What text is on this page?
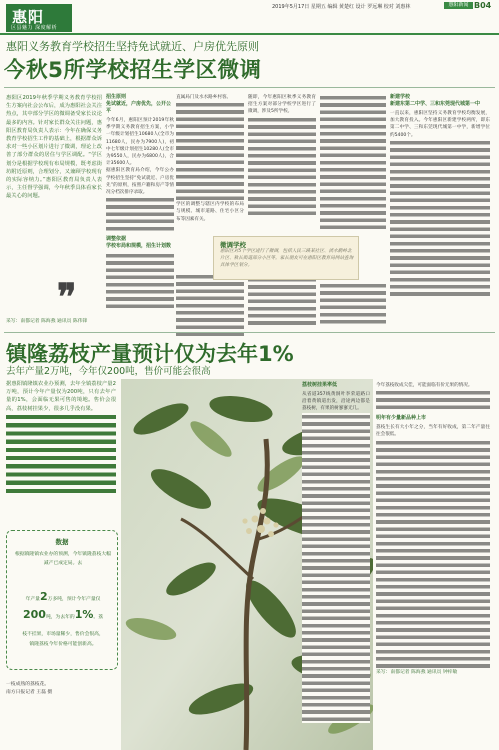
惠阳
区县魅力 深度解析
2019年5月17日 星期五 编辑 黄楚红 设计 罗远琳 校对 刘惠林	惠阳新闻 B04
惠阳义务教育学校招生坚持免试就近、户房优先原则
今秋5所学校招生学区微调

惠阳区2019年秋季学期义务教育学校招生方案向社会公布后，成为惠阳社会关注热点，其中部分学区的微调备受家长议论最多的内容。针对家长群众关注问题，惠阳区教育局负责人表示：今年在确保义务教育学校招生工作的基础上，根据群众诉求对一些小区划片进行了微调，理论上改善了部分群众的居住与学区调配。“学区划分是根据学校现有布局规模，既考虑街坊附近原则，合理划分，又兼顾学校现有的实际容纳力。”惠阳区教育局负责人表示，主任督学强调，今年秋季具体看家长最关心的问题。

❞
采写：南都记者 陈海燕 通讯员 陈伟锋
招生原则
免试就近，户房优先，公开公平

今年6月，惠阳区预计2019年秋季学期义务教育招生方案，小学一年级计划招生10680人(全市为11680人，民办为7900人)，初中七年级计划招生10280人(全市为9550人，民办为6800人)，合计35600人。

据惠阳区教育局介绍，今年公办学校招生坚持“免试就近、户房优先”的原则，按照户籍和房产等情况分档次排序录取。

调整依据
学校布局和规模，招生计划数

直属局门及水水路乡村客。

学区的调整与辖区内学校的布局与规模、城市道路、住宅小区分布等因素有关。

随即，今年惠阳区秋季义务教育招生方案对部分学校学区进行了微调，涉及5所学校。

新建学校
新建东第二中学、三和东莞现代城第一中

一直以来，惠阳区坚持义务教育学校均衡发展，加大教育投入。今年惠阳区新建学校两所，即东第二中学、三和东莞现代城第一中学，新增学位约5400个。

微调学校
惠阳区对5个学区进行了微调，包括人民三路某社区、淡水鹅岭北片区、秋长街道部分小区等。家长朋友可在惠阳区教育局网站查询具体学区划分。
镇隆荔枝产量预计仅为去年1%
去年产量2万吨，今年仅200吨，售价可能会很高

据惠阳镇隆镇农业办预测，去年全镇荔枝产量2万吨，预计今年产量仅为200吨，只有去年产量的1%，会面临无果可售的境地。售价会很高，荔枝树挂果少，很多几乎没有果。

数据
根据镇隆镇农业办的预测，今年镇隆荔枝大幅减产已成定局。去
年产量2万多吨，预计今年产量仅
200吨，为去年的1%。荔
枝不挂果，市场量稀少，售价会很高，
镇隆荔枝今年价格可能创新高。
一枝成熟的荔枝花。
南方日报记者 王磊 摄
荔枝树挂果率低

从省道357线黄洞叶李荣道路口沿着黄镇道出发，沿途两边都是荔枝树，有果的树寥寥无几。

今年荔枝收成欠佳，可能面临有价无果的情况。

明年有少量新品种上市

荔枝生长有大小年之分，当年有好收成，第二年产量往往会很低。

采写：南都记者 陈海燕 通讯员 钟梓敏
